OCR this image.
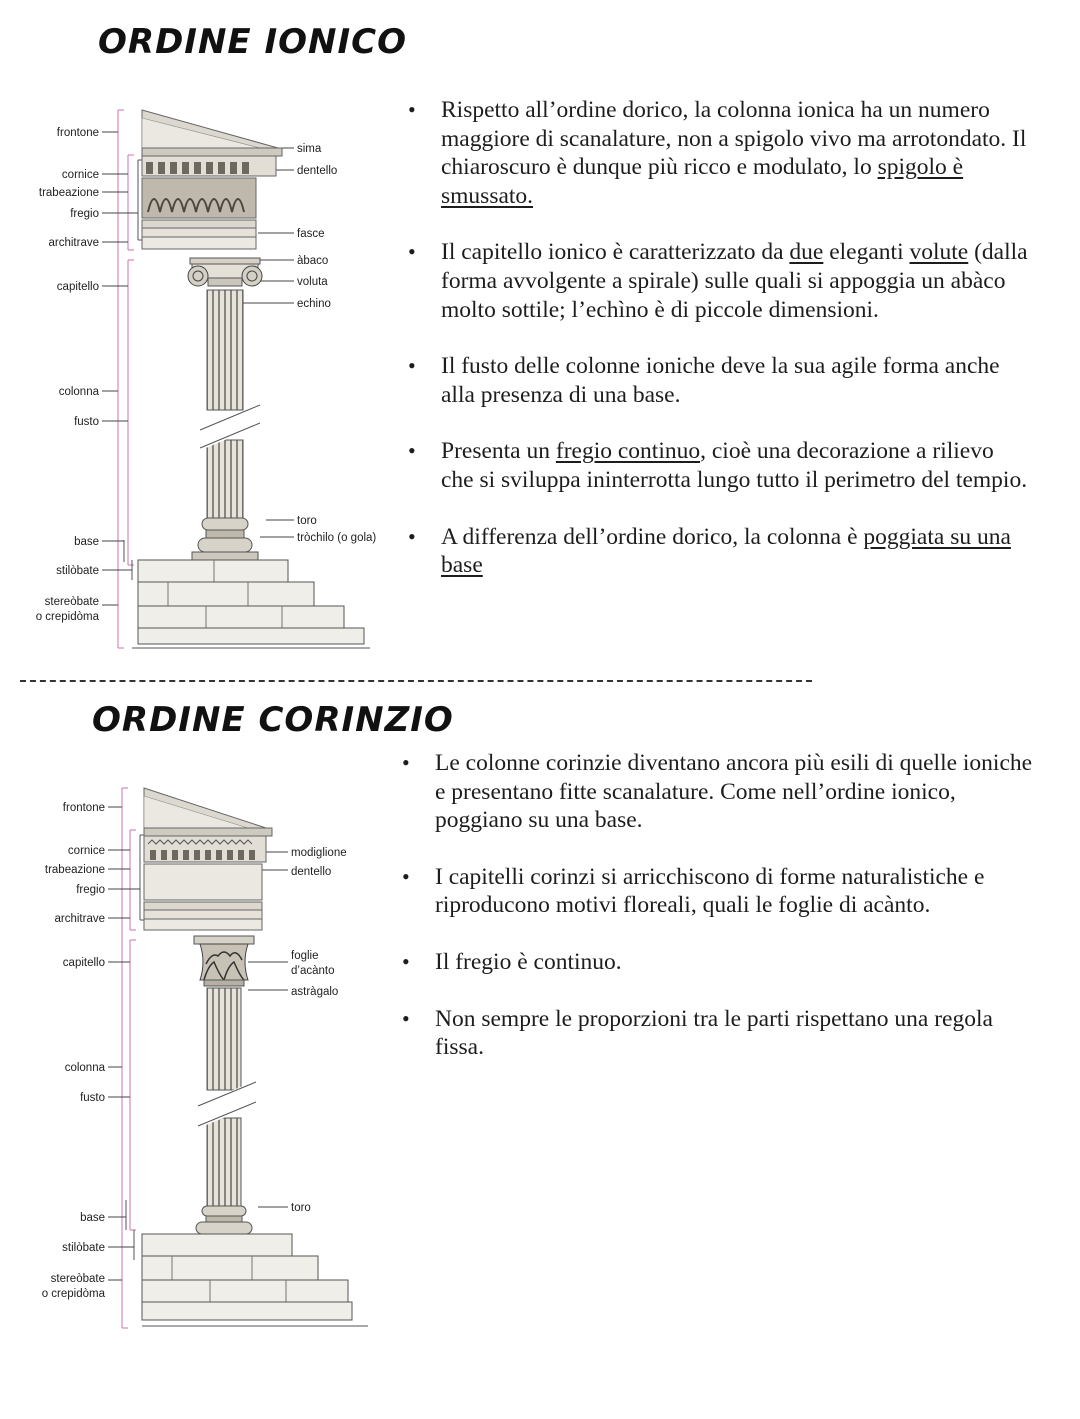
ORDINE IONICO
frontone
cornice
trabeazione
fregio
architrave
capitello
colonna
fusto
base
stilòbate
stereòbate
o crepidòma
sima
dentello
fasce
àbaco
voluta
echino
toro
tròchilo (o gola)
• Rispetto all’ordine dorico, la colonna ionica ha un numero maggiore di scanalature, non a spigolo vivo ma arrotondato. Il chiaroscuro è dunque più ricco e modulato, lo spigolo è smussato.
• Il capitello ionico è caratterizzato da due eleganti volute (dalla forma avvolgente a spirale) sulle quali si appoggia un abàco molto sottile; l’echìno è di piccole dimensioni.
• Il fusto delle colonne ioniche deve la sua agile forma anche alla presenza di una base.
• Presenta un fregio continuo, cioè una decorazione a rilievo che si sviluppa ininterrotta lungo tutto il perimetro del tempio.
• A differenza dell’ordine dorico, la colonna è poggiata su una base
ORDINE CORINZIO
frontone
cornice
trabeazione
fregio
architrave
capitello
colonna
fusto
base
stilòbate
stereòbate
o crepidòma
modiglione
dentello
foglie
d’acànto
astràgalo
toro
• Le colonne corinzie diventano ancora più esili di quelle ioniche e presentano fitte scanalature. Come nell’ordine ionico, poggiano su una base.
• I capitelli corinzi si arricchiscono di forme naturalistiche e riproducono motivi floreali, quali le foglie di acànto.
• Il fregio è continuo.
• Non sempre le proporzioni tra le parti rispettano una regola fissa.
